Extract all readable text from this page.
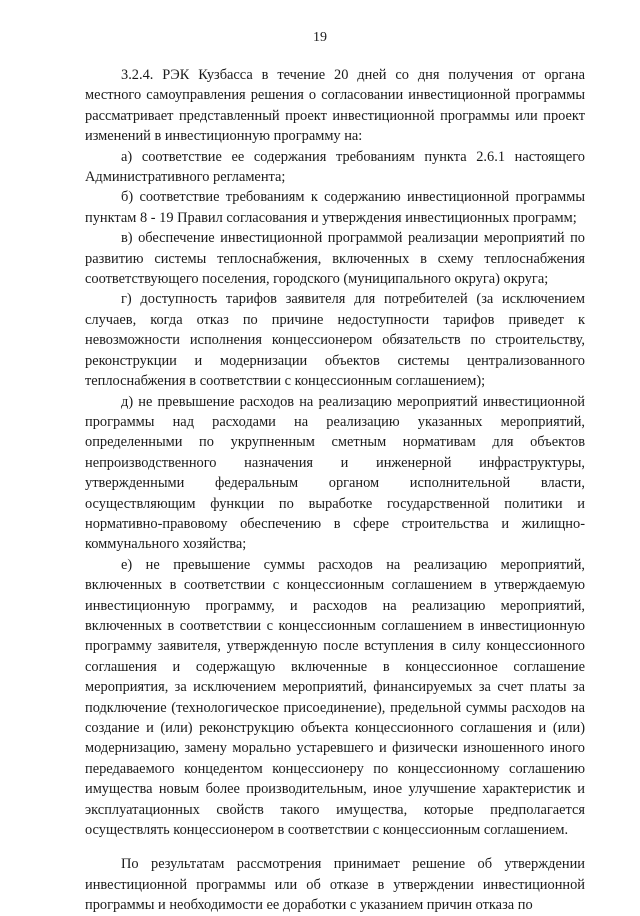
19

3.2.4. РЭК Кузбасса в течение 20 дней со дня получения от органа местного самоуправления решения о согласовании инвестиционной программы рассматривает представленный проект инвестиционной программы или проект изменений в инвестиционную программу на:

а) соответствие ее содержания требованиям пункта 2.6.1 настоящего Административного регламента;

б) соответствие требованиям к содержанию инвестиционной программы пунктам 8 - 19 Правил согласования и утверждения инвестиционных программ;

в) обеспечение инвестиционной программой реализации мероприятий по развитию системы теплоснабжения, включенных в схему теплоснабжения соответствующего поселения, городского (муниципального округа) округа;

г) доступность тарифов заявителя для потребителей (за исключением случаев, когда отказ по причине недоступности тарифов приведет к невозможности исполнения концессионером обязательств по строительству, реконструкции и модернизации объектов системы централизованного теплоснабжения в соответствии с концессионным соглашением);

д) не превышение расходов на реализацию мероприятий инвестиционной программы над расходами на реализацию указанных мероприятий, определенными по укрупненным сметным нормативам для объектов непроизводственного назначения и инженерной инфраструктуры, утвержденными федеральным органом исполнительной власти, осуществляющим функции по выработке государственной политики и нормативно-правовому обеспечению в сфере строительства и жилищно-коммунального хозяйства;

е) не превышение суммы расходов на реализацию мероприятий, включенных в соответствии с концессионным соглашением в утверждаемую инвестиционную программу, и расходов на реализацию мероприятий, включенных в соответствии с концессионным соглашением в инвестиционную программу заявителя, утвержденную после вступления в силу концессионного соглашения и содержащую включенные в концессионное соглашение мероприятия, за исключением мероприятий, финансируемых за счет платы за подключение (технологическое присоединение), предельной суммы расходов на создание и (или) реконструкцию объекта концессионного соглашения и (или) модернизацию, замену морально устаревшего и физически изношенного иного передаваемого концедентом концессионеру по концессионному соглашению имущества новым более производительным, иное улучшение характеристик и эксплуатационных свойств такого имущества, которые предполагается осуществлять концессионером в соответствии с концессионным соглашением.

По результатам рассмотрения принимает решение об утверждении инвестиционной программы или об отказе в утверждении инвестиционной программы и необходимости ее доработки с указанием причин отказа по
